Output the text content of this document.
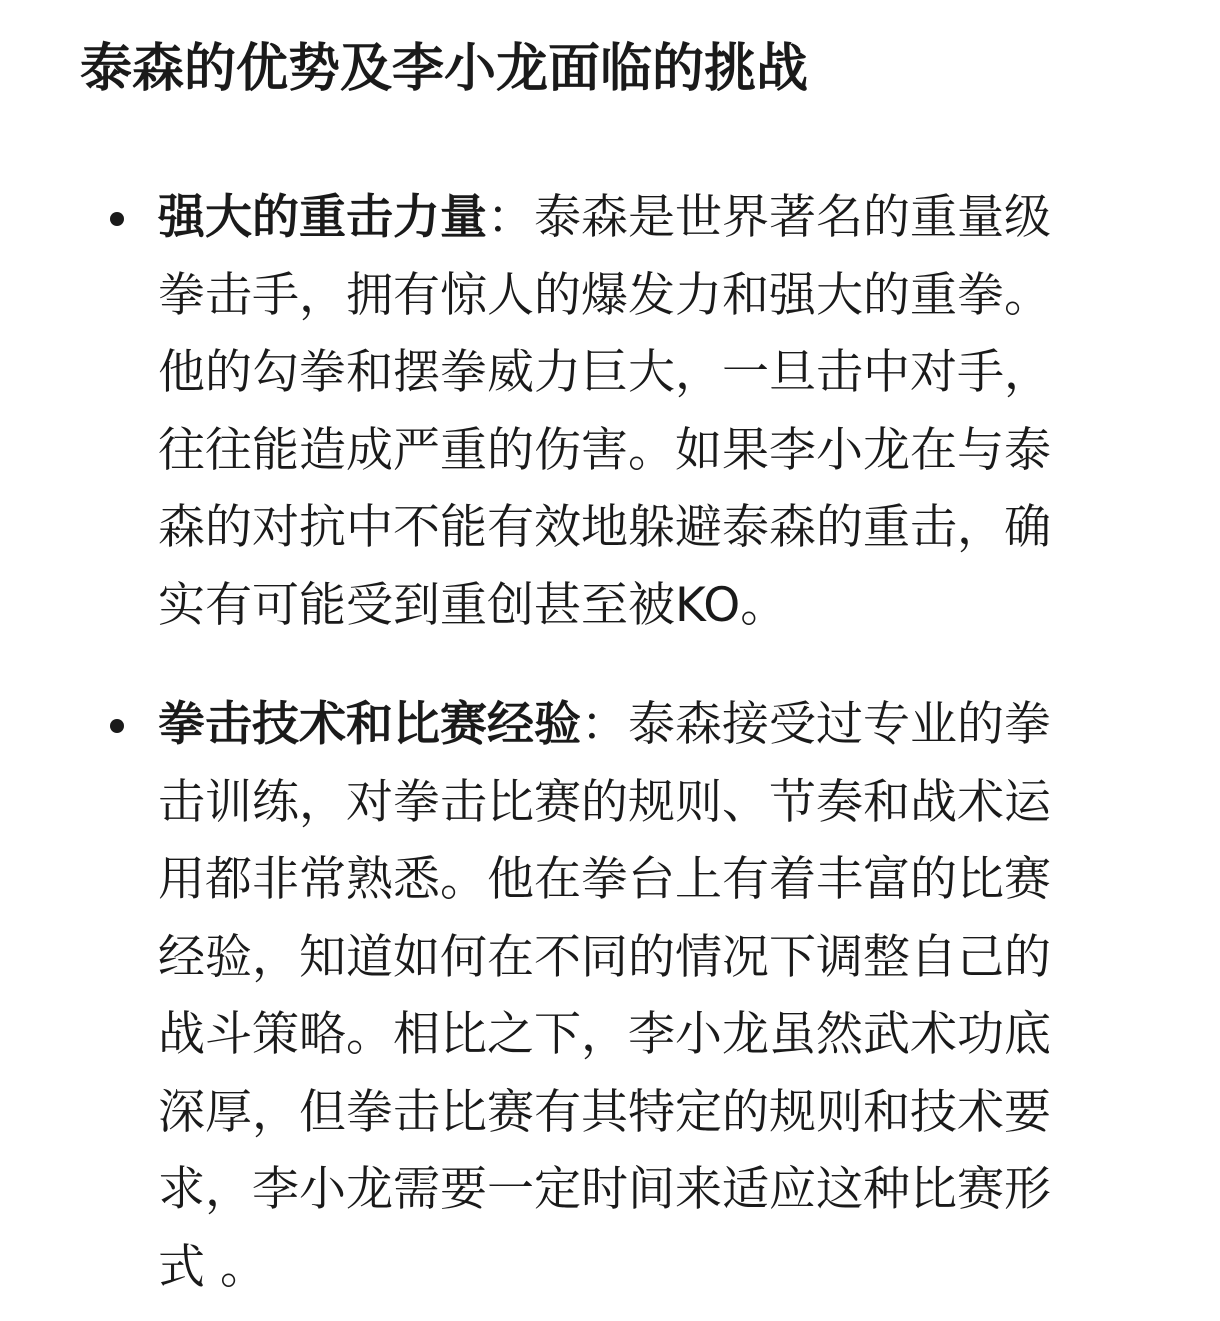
泰森的优势及李小龙面临的挑战
强大的重击力量：泰森是世界著名的重量级拳击手，拥有惊人的爆发力和强大的重拳。他的勾拳和摆拳威力巨大，一旦击中对手，往往能造成严重的伤害。如果李小龙在与泰森的对抗中不能有效地躲避泰森的重击，确实有可能受到重创甚至被KO。
拳击技术和比赛经验：泰森接受过专业的拳击训练，对拳击比赛的规则、节奏和战术运用都非常熟悉。他在拳台上有着丰富的比赛经验，知道如何在不同的情况下调整自己的战斗策略。相比之下，李小龙虽然武术功底深厚，但拳击比赛有其特定的规则和技术要求，李小龙需要一定时间来适应这种比赛形式 。
